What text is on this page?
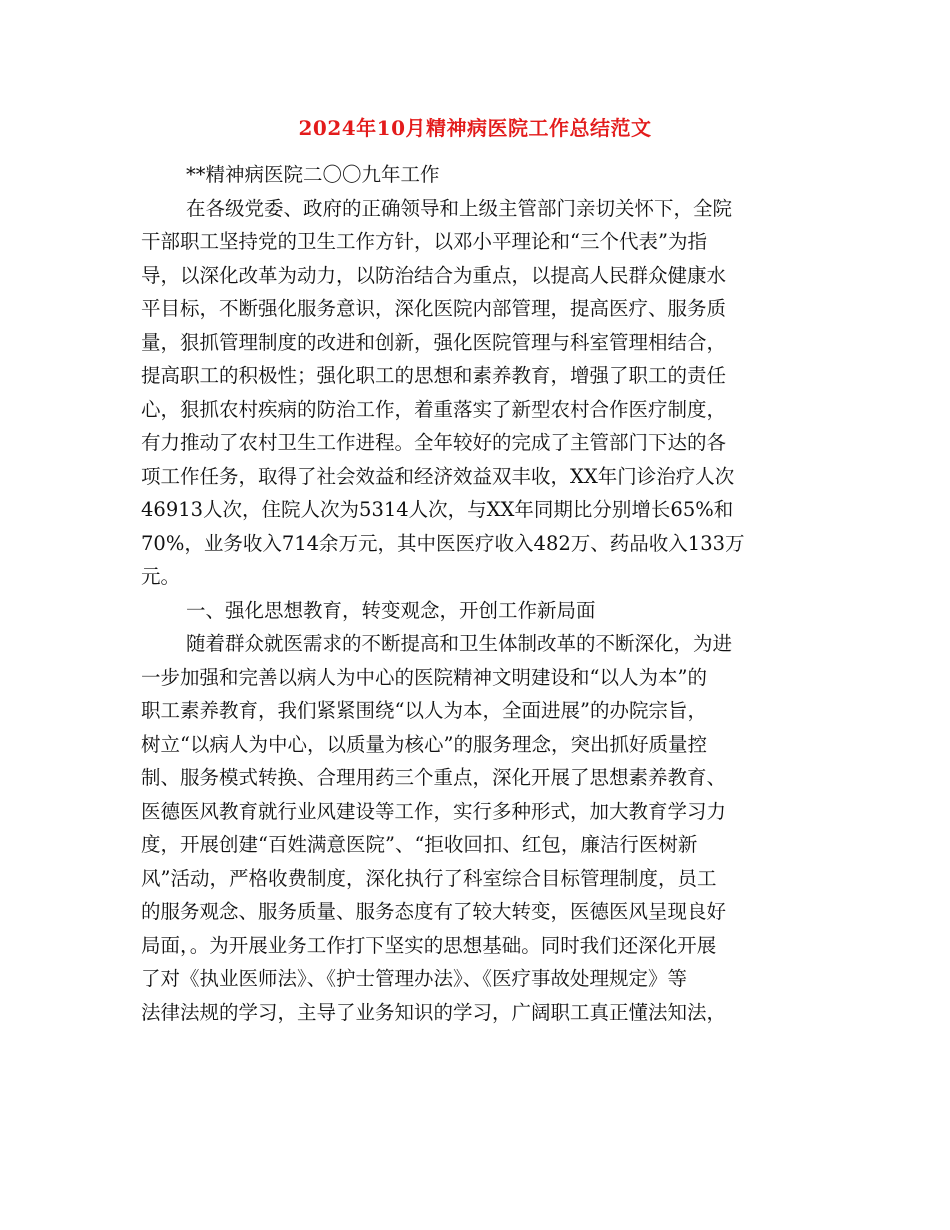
2024年10月精神病医院工作总结范文
**精神病医院二〇〇九年工作
在各级党委、政府的正确领导和上级主管部门亲切关怀下，全院
干部职工坚持党的卫生工作方针，以邓小平理论和“三个代表”为指
导，以深化改革为动力，以防治结合为重点，以提高人民群众健康水
平目标，不断强化服务意识，深化医院内部管理，提高医疗、服务质
量，狠抓管理制度的改进和创新，强化医院管理与科室管理相结合，
提高职工的积极性；强化职工的思想和素养教育，增强了职工的责任
心，狠抓农村疾病的防治工作，着重落实了新型农村合作医疗制度，
有力推动了农村卫生工作进程。全年较好的完成了主管部门下达的各
项工作任务，取得了社会效益和经济效益双丰收，XX年门诊治疗人次
46913人次，住院人次为5314人次，与XX年同期比分别增长65%和
70%，业务收入714余万元，其中医医疗收入482万、药品收入133万
元。
一、强化思想教育，转变观念，开创工作新局面
随着群众就医需求的不断提高和卫生体制改革的不断深化，为进
一步加强和完善以病人为中心的医院精神文明建设和“以人为本”的
职工素养教育，我们紧紧围绕“以人为本，全面进展”的办院宗旨，
树立“以病人为中心，以质量为核心”的服务理念，突出抓好质量控
制、服务模式转换、合理用药三个重点，深化开展了思想素养教育、
医德医风教育就行业风建设等工作，实行多种形式，加大教育学习力
度，开展创建“百姓满意医院”、“拒收回扣、红包，廉洁行医树新
风”活动，严格收费制度，深化执行了科室综合目标管理制度，员工
的服务观念、服务质量、服务态度有了较大转变，医德医风呈现良好
局面，。为开展业务工作打下坚实的思想基础。同时我们还深化开展
了对《执业医师法》、《护士管理办法》、《医疗事故处理规定》等
法律法规的学习，主导了业务知识的学习，广阔职工真正懂法知法，
